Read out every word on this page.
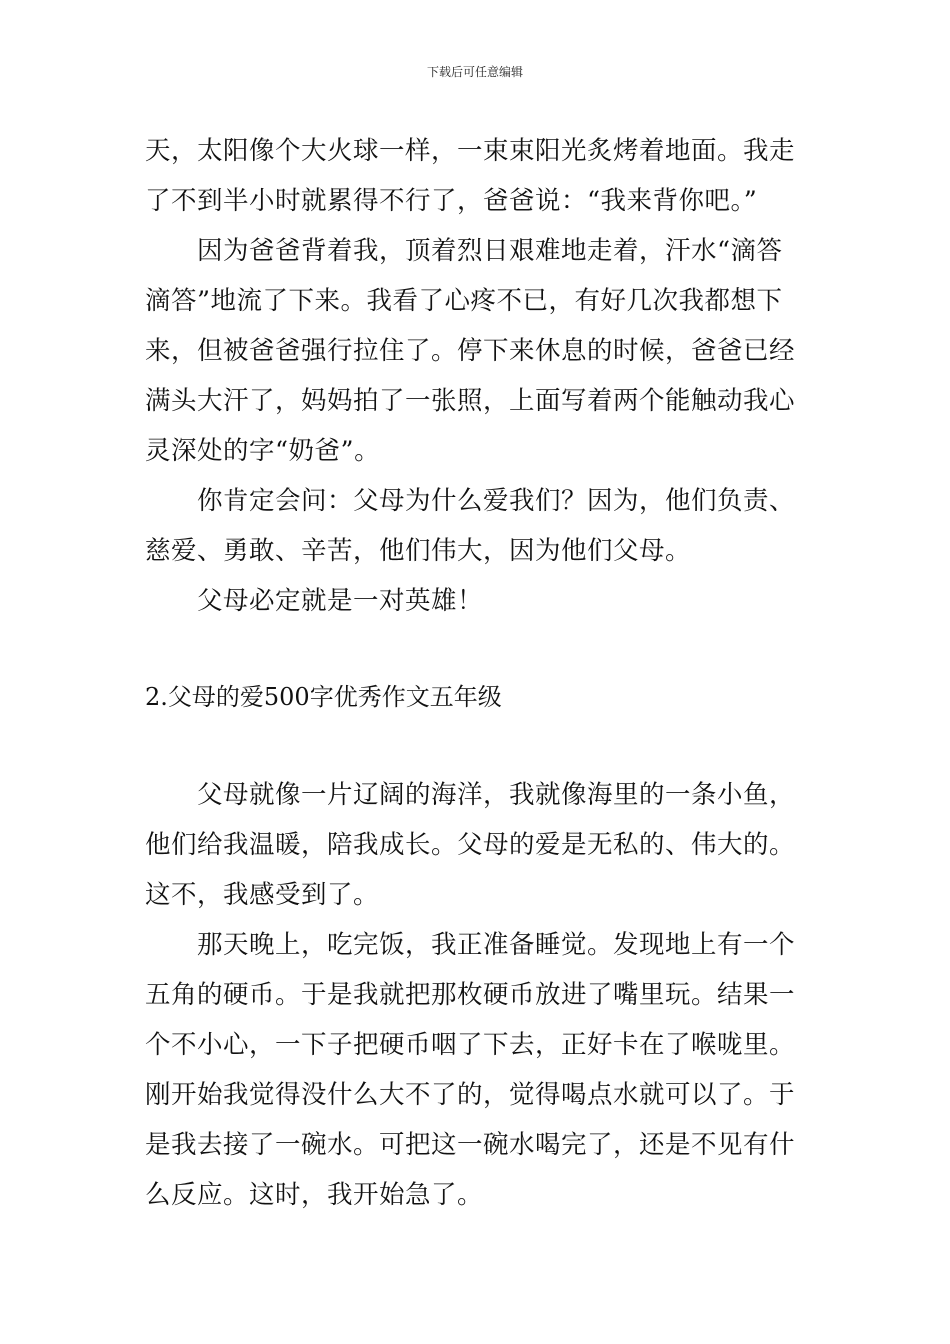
下载后可任意编辑
天，太阳像个大火球一样，一束束阳光炙烤着地面。我走
了不到半小时就累得不行了，爸爸说：“我来背你吧。”
因为爸爸背着我，顶着烈日艰难地走着，汗水“滴答
滴答”地流了下来。我看了心疼不已，有好几次我都想下
来，但被爸爸强行拉住了。停下来休息的时候，爸爸已经
满头大汗了，妈妈拍了一张照，上面写着两个能触动我心
灵深处的字“奶爸”。
你肯定会问：父母为什么爱我们？因为，他们负责、
慈爱、勇敢、辛苦，他们伟大，因为他们父母。
父母必定就是一对英雄！
2.父母的爱500字优秀作文五年级
父母就像一片辽阔的海洋，我就像海里的一条小鱼，
他们给我温暖，陪我成长。父母的爱是无私的、伟大的。
这不，我感受到了。
那天晚上，吃完饭，我正准备睡觉。发现地上有一个
五角的硬币。于是我就把那枚硬币放进了嘴里玩。结果一
个不小心，一下子把硬币咽了下去，正好卡在了喉咙里。
刚开始我觉得没什么大不了的，觉得喝点水就可以了。于
是我去接了一碗水。可把这一碗水喝完了，还是不见有什
么反应。这时，我开始急了。
